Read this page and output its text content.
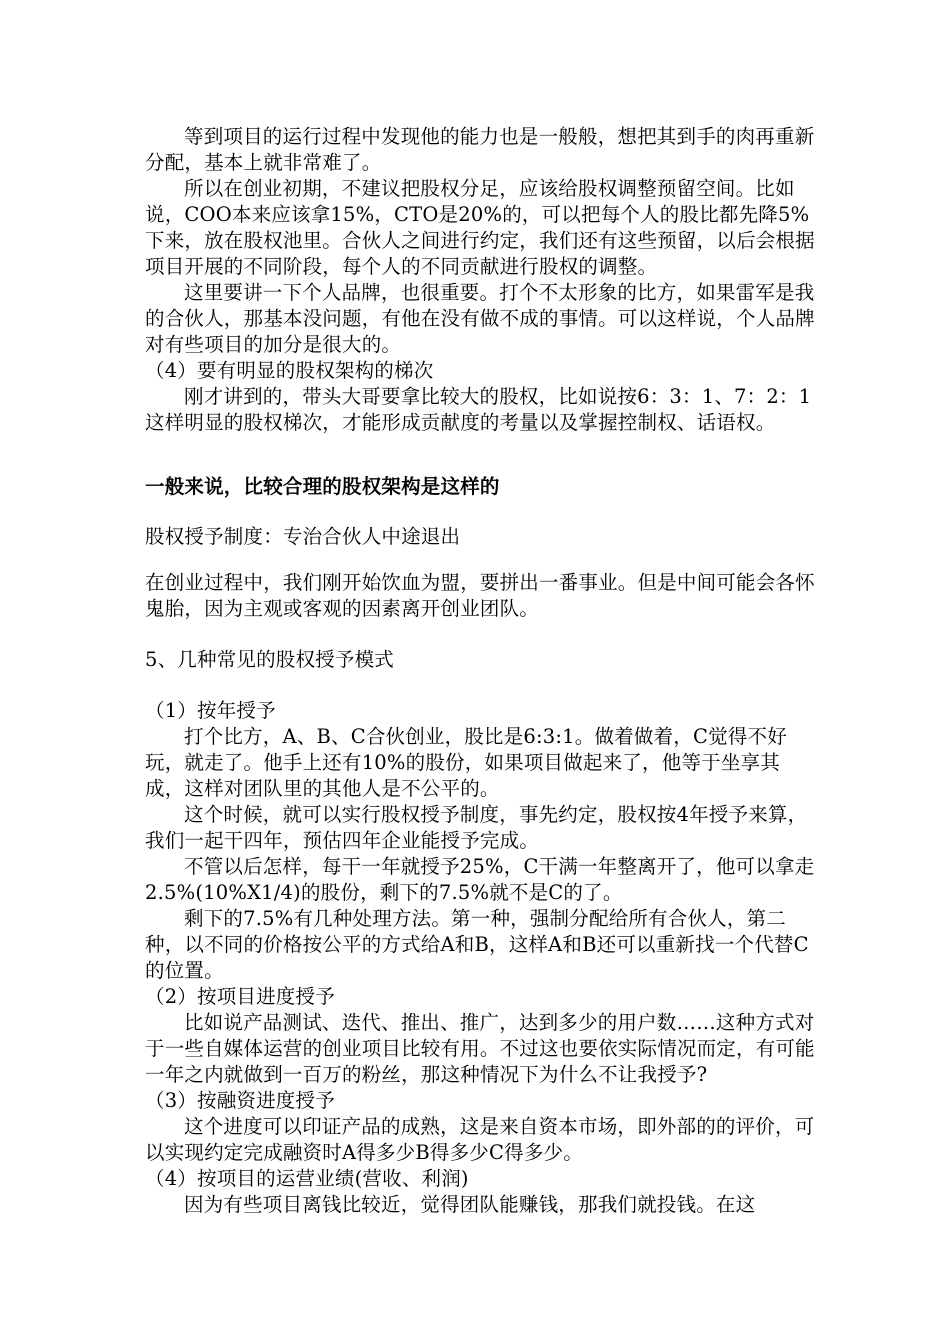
等到项目的运行过程中发现他的能力也是一般般，想把其到手的肉再重新分配，基本上就非常难了。

所以在创业初期，不建议把股权分足，应该给股权调整预留空间。比如说，COO本来应该拿15%，CTO是20%的，可以把每个人的股比都先降5%下来，放在股权池里。合伙人之间进行约定，我们还有这些预留，以后会根据项目开展的不同阶段，每个人的不同贡献进行股权的调整。

这里要讲一下个人品牌，也很重要。打个不太形象的比方，如果雷军是我的合伙人，那基本没问题，有他在没有做不成的事情。可以这样说，个人品牌对有些项目的加分是很大的。

（4）要有明显的股权架构的梯次

刚才讲到的，带头大哥要拿比较大的股权，比如说按6：3：1、7：2：1这样明显的股权梯次，才能形成贡献度的考量以及掌握控制权、话语权。

一般来说，比较合理的股权架构是这样的

股权授予制度：专治合伙人中途退出

在创业过程中，我们刚开始饮血为盟，要拼出一番事业。但是中间可能会各怀鬼胎，因为主观或客观的因素离开创业团队。

5、几种常见的股权授予模式

（1）按年授予

打个比方，A、B、C合伙创业，股比是6:3:1。做着做着，C觉得不好玩，就走了。他手上还有10%的股份，如果项目做起来了，他等于坐享其成，这样对团队里的其他人是不公平的。

这个时候，就可以实行股权授予制度，事先约定，股权按4年授予来算，我们一起干四年，预估四年企业能授予完成。

不管以后怎样，每干一年就授予25%，C干满一年整离开了，他可以拿走2.5%(10%X1/4)的股份，剩下的7.5%就不是C的了。

剩下的7.5%有几种处理方法。第一种，强制分配给所有合伙人，第二种，以不同的价格按公平的方式给A和B，这样A和B还可以重新找一个代替C的位置。

（2）按项目进度授予

比如说产品测试、迭代、推出、推广，达到多少的用户数……这种方式对于一些自媒体运营的创业项目比较有用。不过这也要依实际情况而定，有可能一年之内就做到一百万的粉丝，那这种情况下为什么不让我授予?

（3）按融资进度授予

这个进度可以印证产品的成熟，这是来自资本市场，即外部的的评价，可以实现约定完成融资时A得多少B得多少C得多少。

（4）按项目的运营业绩(营收、利润)

因为有些项目离钱比较近，觉得团队能赚钱，那我们就投钱。在这
